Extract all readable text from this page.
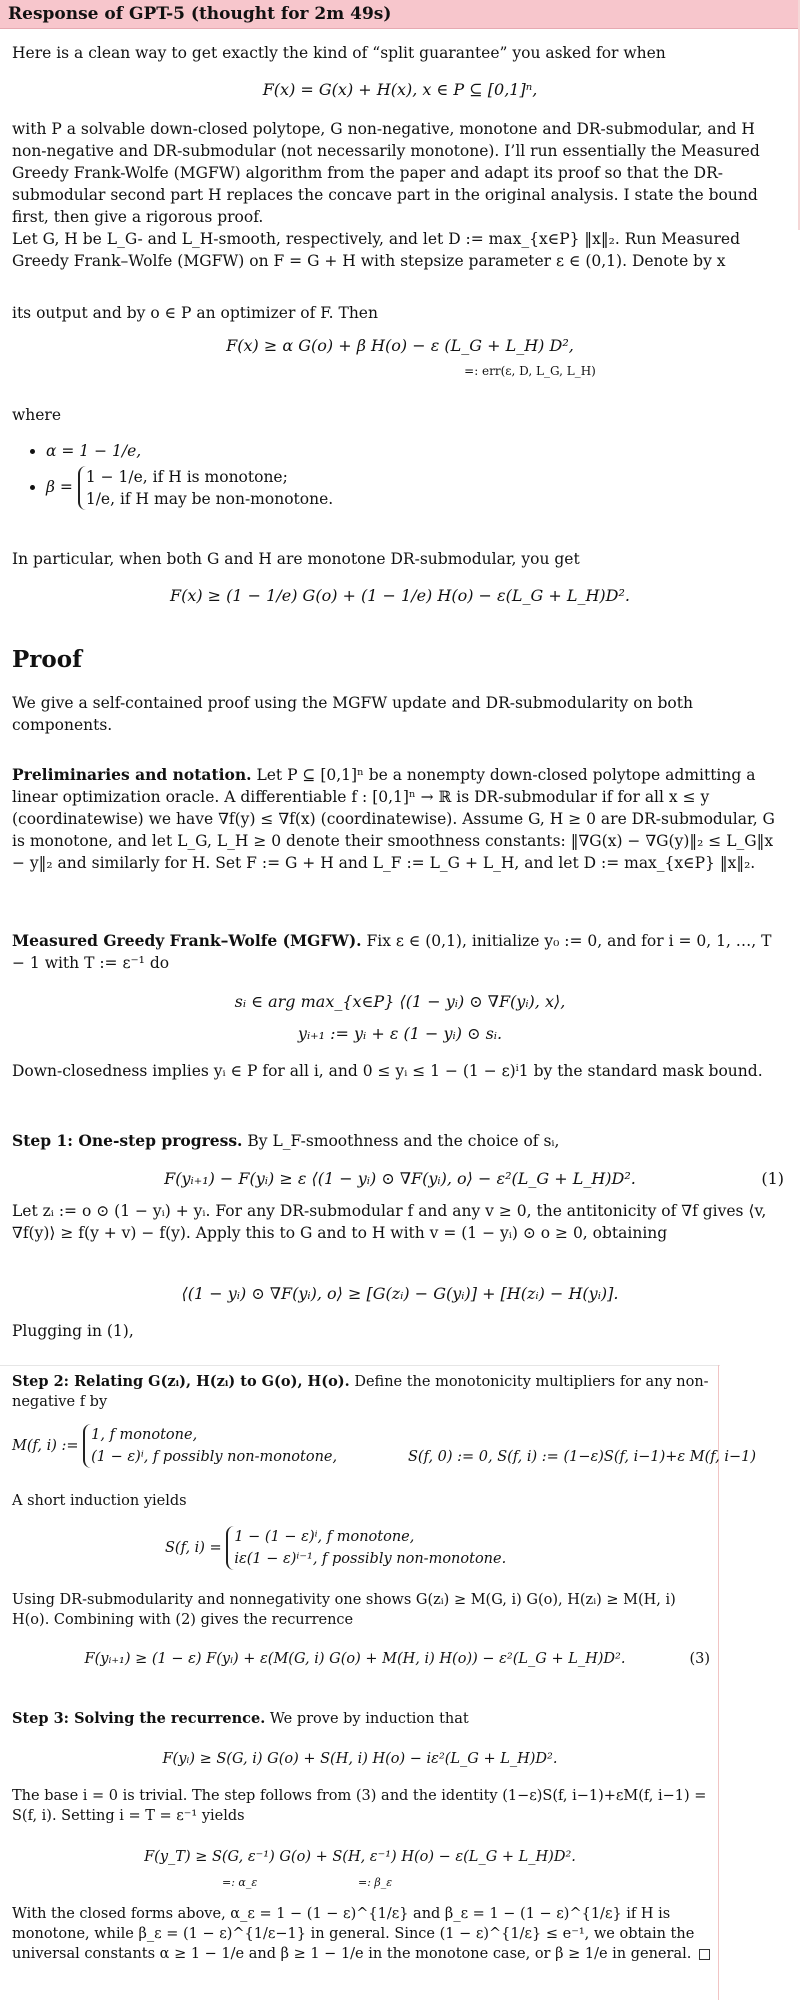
Response of GPT-5 (thought for 2m 49s)

Here is a clean way to get exactly the kind of “split guarantee” you asked for when

F(x) = G(x) + H(x), x ∈ P ⊆ [0,1]ⁿ,

with P a solvable down-closed polytope, G non-negative, monotone and DR-submodular, and H non-negative and DR-submodular (not necessarily monotone). I’ll run essentially the Measured Greedy Frank-Wolfe (MGFW) algorithm from the paper and adapt its proof so that the DR-submodular second part H replaces the concave part in the original analysis. I state the bound first, then give a rigorous proof.

Let G, H be L_G- and L_H-smooth, respectively, and let D := max_{x∈P} ‖x‖₂. Run Measured Greedy Frank–Wolfe (MGFW) on F = G + H with stepsize parameter ε ∈ (0,1). Denote by x

its output and by o ∈ P an optimizer of F. Then

F(x) ≥ α G(o) + β H(o) − ε (L_G + L_H) D²,
=: err(ε, D, L_G, L_H)

where

• α = 1 − 1/e,
• β =
1 − 1/e, if H is monotone;
1/e, if H may be non-monotone.

In particular, when both G and H are monotone DR-submodular, you get

F(x) ≥ (1 − 1/e) G(o) + (1 − 1/e) H(o) − ε(L_G + L_H)D².
Proof

We give a self-contained proof using the MGFW update and DR-submodularity on both components.

Preliminaries and notation. Let P ⊆ [0,1]ⁿ be a nonempty down-closed polytope admitting a linear optimization oracle. A differentiable f : [0,1]ⁿ → ℝ is DR-submodular if for all x ≤ y (coordinatewise) we have ∇f(y) ≤ ∇f(x) (coordinatewise). Assume G, H ≥ 0 are DR-submodular, G is monotone, and let L_G, L_H ≥ 0 denote their smoothness constants: ‖∇G(x) − ∇G(y)‖₂ ≤ L_G‖x − y‖₂ and similarly for H. Set F := G + H and L_F := L_G + L_H, and let D := max_{x∈P} ‖x‖₂.

Measured Greedy Frank–Wolfe (MGFW). Fix ε ∈ (0,1), initialize y₀ := 0, and for i = 0, 1, …, T − 1 with T := ε⁻¹ do

sᵢ ∈ arg max_{x∈P} ⟨(1 − yᵢ) ⊙ ∇F(yᵢ), x⟩,
yᵢ₊₁ := yᵢ + ε (1 − yᵢ) ⊙ sᵢ.

Down-closedness implies yᵢ ∈ P for all i, and 0 ≤ yᵢ ≤ 1 − (1 − ε)ⁱ1 by the standard mask bound.

Step 1: One-step progress. By L_F-smoothness and the choice of sᵢ,

F(yᵢ₊₁) − F(yᵢ) ≥ ε ⟨(1 − yᵢ) ⊙ ∇F(yᵢ), o⟩ − ε²(L_G + L_H)D².	(1)

Let zᵢ := o ⊙ (1 − yᵢ) + yᵢ. For any DR-submodular f and any v ≥ 0, the antitonicity of ∇f gives ⟨v, ∇f(y)⟩ ≥ f(y + v) − f(y). Apply this to G and to H with v = (1 − yᵢ) ⊙ o ≥ 0, obtaining

⟨(1 − yᵢ) ⊙ ∇F(yᵢ), o⟩ ≥ [G(zᵢ) − G(yᵢ)] + [H(zᵢ) − H(yᵢ)].

Plugging in (1),

Step 2: Relating G(zᵢ), H(zᵢ) to G(o), H(o). Define the monotonicity multipliers for any non-negative f by

M(f, i) :=
1, f monotone,
(1 − ε)ⁱ, f possibly non-monotone,	S(f, 0) := 0, S(f, i) := (1−ε)S(f, i−1)+ε M(f, i−1)

A short induction yields

S(f, i) =
1 − (1 − ε)ⁱ, f monotone,
iε(1 − ε)ⁱ⁻¹, f possibly non-monotone.

Using DR-submodularity and nonnegativity one shows G(zᵢ) ≥ M(G, i) G(o), H(zᵢ) ≥ M(H, i) H(o). Combining with (2) gives the recurrence

F(yᵢ₊₁) ≥ (1 − ε) F(yᵢ) + ε(M(G, i) G(o) + M(H, i) H(o)) − ε²(L_G + L_H)D².	(3)

Step 3: Solving the recurrence. We prove by induction that

F(yᵢ) ≥ S(G, i) G(o) + S(H, i) H(o) − iε²(L_G + L_H)D².

The base i = 0 is trivial. The step follows from (3) and the identity (1−ε)S(f, i−1)+εM(f, i−1) = S(f, i). Setting i = T = ε⁻¹ yields

F(y_T) ≥ S(G, ε⁻¹) G(o) + S(H, ε⁻¹) H(o) − ε(L_G + L_H)D².
=: α_ε	=: β_ε

With the closed forms above, α_ε = 1 − (1 − ε)^{1/ε} and β_ε = 1 − (1 − ε)^{1/ε} if H is monotone, while β_ε = (1 − ε)^{1/ε−1} in general. Since (1 − ε)^{1/ε} ≤ e⁻¹, we obtain the universal constants α ≥ 1 − 1/e and β ≥ 1 − 1/e in the monotone case, or β ≥ 1/e in general.
